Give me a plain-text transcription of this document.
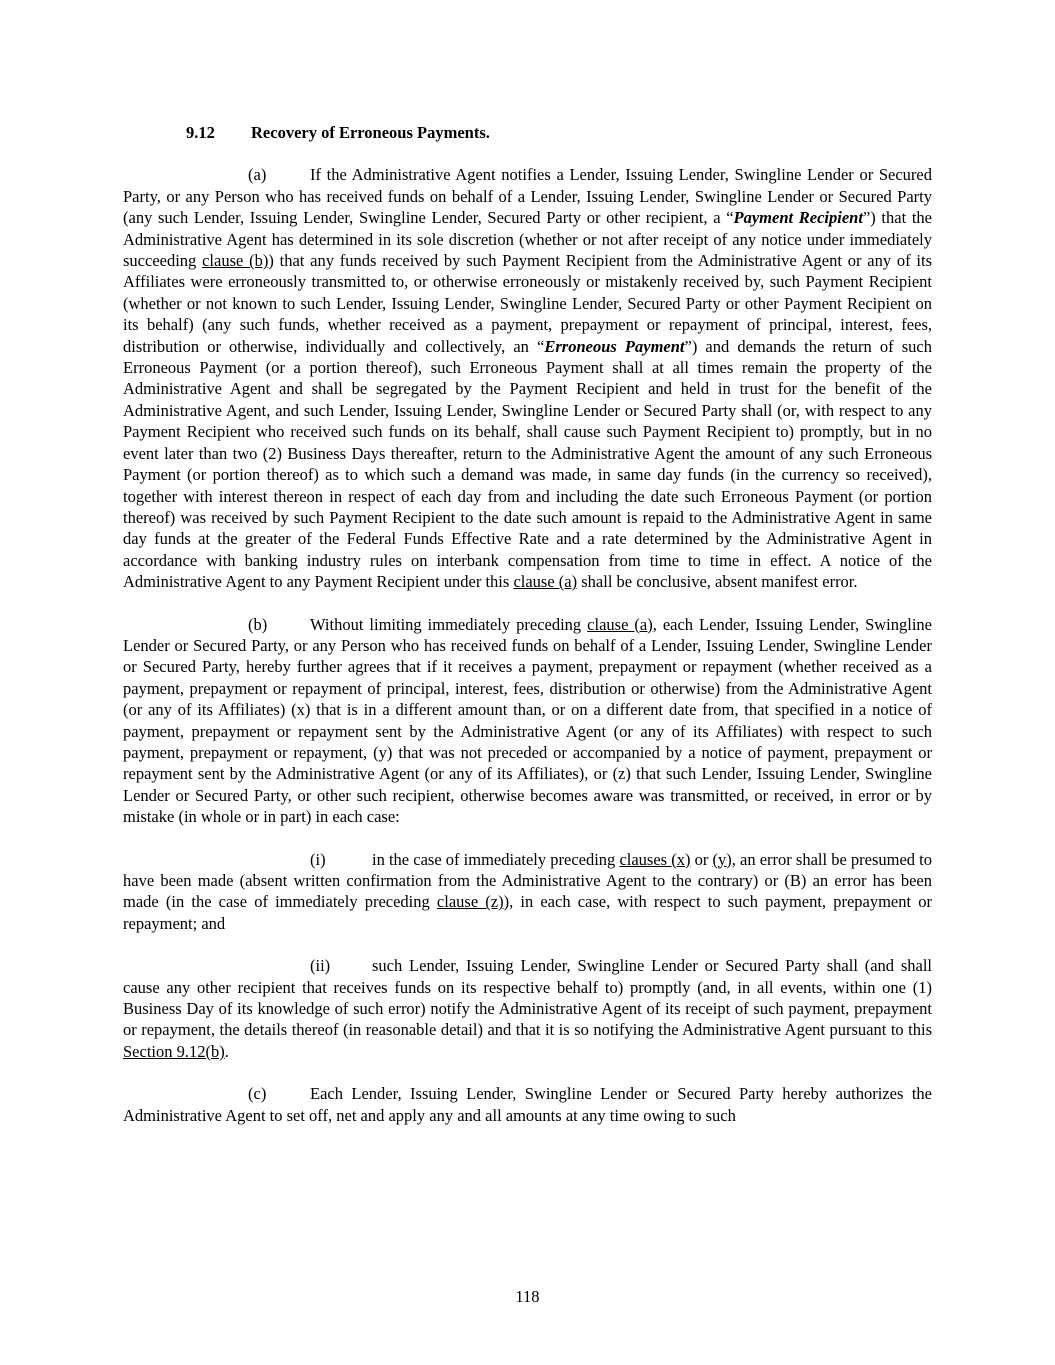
9.12 Recovery of Erroneous Payments.

(a)	If the Administrative Agent notifies a Lender, Issuing Lender, Swingline Lender or Secured Party, or any Person who has received funds on behalf of a Lender, Issuing Lender, Swingline Lender or Secured Party (any such Lender, Issuing Lender, Swingline Lender, Secured Party or other recipient, a “Payment Recipient”) that the Administrative Agent has determined in its sole discretion (whether or not after receipt of any notice under immediately succeeding clause (b)) that any funds received by such Payment Recipient from the Administrative Agent or any of its Affiliates were erroneously transmitted to, or otherwise erroneously or mistakenly received by, such Payment Recipient (whether or not known to such Lender, Issuing Lender, Swingline Lender, Secured Party or other Payment Recipient on its behalf) (any such funds, whether received as a payment, prepayment or repayment of principal, interest, fees, distribution or otherwise, individually and collectively, an “Erroneous Payment”) and demands the return of such Erroneous Payment (or a portion thereof), such Erroneous Payment shall at all times remain the property of the Administrative Agent and shall be segregated by the Payment Recipient and held in trust for the benefit of the Administrative Agent, and such Lender, Issuing Lender, Swingline Lender or Secured Party shall (or, with respect to any Payment Recipient who received such funds on its behalf, shall cause such Payment Recipient to) promptly, but in no event later than two (2) Business Days thereafter, return to the Administrative Agent the amount of any such Erroneous Payment (or portion thereof) as to which such a demand was made, in same day funds (in the currency so received), together with interest thereon in respect of each day from and including the date such Erroneous Payment (or portion thereof) was received by such Payment Recipient to the date such amount is repaid to the Administrative Agent in same day funds at the greater of the Federal Funds Effective Rate and a rate determined by the Administrative Agent in accordance with banking industry rules on interbank compensation from time to time in effect. A notice of the Administrative Agent to any Payment Recipient under this clause (a) shall be conclusive, absent manifest error.

(b)	Without limiting immediately preceding clause (a), each Lender, Issuing Lender, Swingline Lender or Secured Party, or any Person who has received funds on behalf of a Lender, Issuing Lender, Swingline Lender or Secured Party, hereby further agrees that if it receives a payment, prepayment or repayment (whether received as a payment, prepayment or repayment of principal, interest, fees, distribution or otherwise) from the Administrative Agent (or any of its Affiliates) (x) that is in a different amount than, or on a different date from, that specified in a notice of payment, prepayment or repayment sent by the Administrative Agent (or any of its Affiliates) with respect to such payment, prepayment or repayment, (y) that was not preceded or accompanied by a notice of payment, prepayment or repayment sent by the Administrative Agent (or any of its Affiliates), or (z) that such Lender, Issuing Lender, Swingline Lender or Secured Party, or other such recipient, otherwise becomes aware was transmitted, or received, in error or by mistake (in whole or in part) in each case:

(i)	in the case of immediately preceding clauses (x) or (y), an error shall be presumed to have been made (absent written confirmation from the Administrative Agent to the contrary) or (B) an error has been made (in the case of immediately preceding clause (z)), in each case, with respect to such payment, prepayment or repayment; and

(ii)	such Lender, Issuing Lender, Swingline Lender or Secured Party shall (and shall cause any other recipient that receives funds on its respective behalf to) promptly (and, in all events, within one (1) Business Day of its knowledge of such error) notify the Administrative Agent of its receipt of such payment, prepayment or repayment, the details thereof (in reasonable detail) and that it is so notifying the Administrative Agent pursuant to this Section 9.12(b).

(c)	Each Lender, Issuing Lender, Swingline Lender or Secured Party hereby authorizes the Administrative Agent to set off, net and apply any and all amounts at any time owing to such

118
